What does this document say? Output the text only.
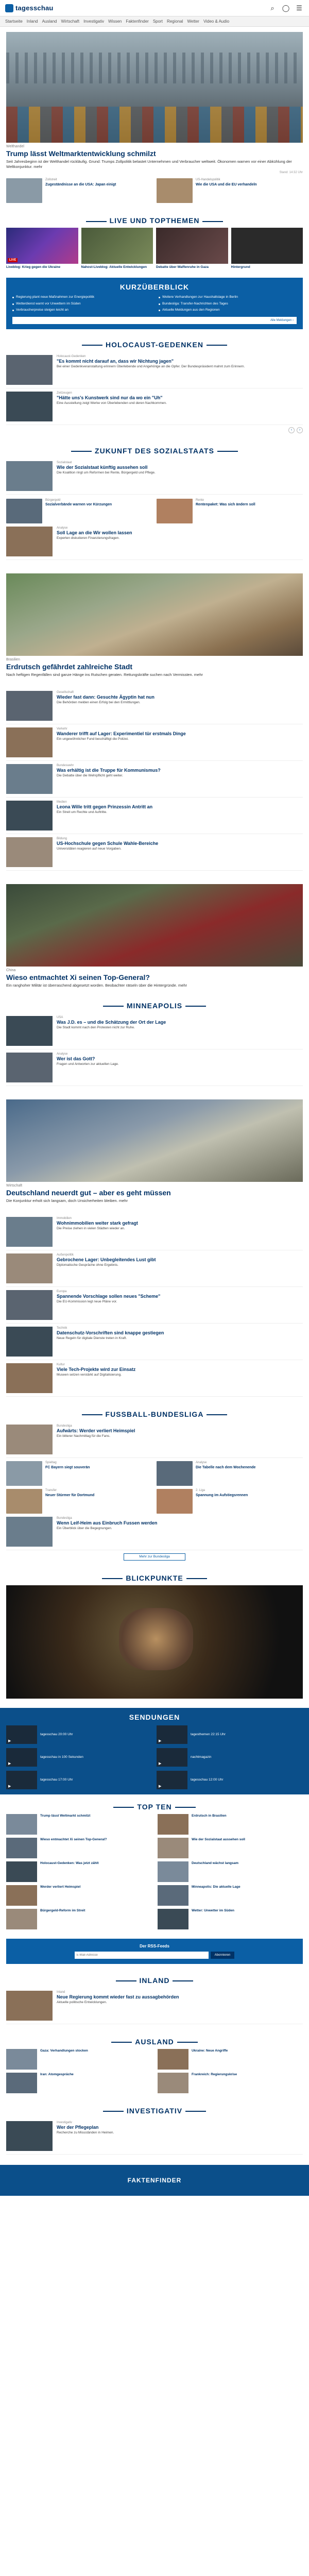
tagesschau	⌕	◯ ☰
Startseite Inland Ausland Wirtschaft Investigativ Wissen Faktenfinder Sport Regional Wetter Video & Audio
Welthandel
Trump lässt Weltmarktentwicklung schmilzt
Seit Jahresbeginn ist der Welthandel rückläufig. Grund: Trumps Zollpolitik belastet Unternehmen und Verbraucher weltweit. Ökonomen warnen vor einer Abkühlung der Weltkonjunktur. mehr
Stand: 14:32 Uhr
Zollstreit
Zugeständnisse an die USA: Japan einigt
US-Handelspolitik
Wie die USA und die EU verhandeln
LIVE UND TOPTHEMEN
LIVE
Liveblog: Krieg gegen die Ukraine	Nahost-Liveblog: Aktuelle Entwicklungen	Debatte über Waffenruhe in Gaza	Hintergrund
KURZÜBERBLICK
Regierung plant neue Maßnahmen zur Energiepolitik	Weitere Verhandlungen zur Haushaltslage in Berlin
Wetterdienst warnt vor Unwettern im Süden	Bundesliga: Transfer-Nachrichten des Tages
Verbraucherpreise steigen leicht an	Aktuelle Meldungen aus den Regionen
Alle Meldungen ›
HOLOCAUST-GEDENKEN
Holocaust-Gedenken
"Es kommt nicht darauf an, dass wir Nichtung jagen"
Bei einer Gedenkveranstaltung erinnern Überlebende und Angehörige an die Opfer. Der Bundespräsident mahnt zum Erinnern.
Zeitzeugen
"Hätte uns's Kunstwerk sind nur da wo ein "Uh"
Eine Ausstellung zeigt Werke von Überlebenden und deren Nachkommen.
‹	›
ZUKUNFT DES SOZIALSTAATS
Sozialstaat
Wie der Sozialstaat künftig aussehen soll
Die Koalition ringt um Reformen bei Rente, Bürgergeld und Pflege.
Bürgergeld
Sozialverbände warnen vor Kürzungen
Rente
Rentenpaket: Was sich ändern soll
Analyse
Soll Lage an die Wir wollen lassen
Experten diskutieren Finanzierungsfragen.
Brasilien
Erdrutsch gefährdet zahlreiche Stadt
Nach heftigen Regenfällen sind ganze Hänge ins Rutschen geraten. Rettungskräfte suchen nach Vermissten. mehr
Gesellschaft
Wieder fast dann: Gesuchte Ägyptin hat nun
Die Behörden melden einen Erfolg bei den Ermittlungen.
Verkehr
Wanderer trifft auf Lager: Experimentiel tür erstmals Dinge
Ein ungewöhnlicher Fund beschäftigt die Polizei.
Bundeswehr
Was erhältig ist die Truppe für Kommunismus?
Die Debatte über die Wehrpflicht geht weiter.
Medien
Leona Wille tritt gegen Prinzessin Antritt an
Ein Streit um Rechte und Auftritte.
Bildung
US-Hochschule gegen Schule Wahle-Bereiche
Universitäten reagieren auf neue Vorgaben.
China
Wieso entmachtet Xi seinen Top-General?
Ein ranghoher Militär ist überraschend abgesetzt worden. Beobachter rätseln über die Hintergründe. mehr
MINNEAPOLIS
USA
Was J.D. es – und die Schätzung der Ort der Lage
Die Stadt kommt nach den Protesten nicht zur Ruhe.
Analyse
Wer ist das Gott?
Fragen und Antworten zur aktuellen Lage.
Wirtschaft
Deutschland neuerdt gut – aber es geht müssen
Die Konjunktur erholt sich langsam, doch Unsicherheiten bleiben. mehr
Immobilien
Wohnimmobilien weiter stark gefragt
Die Preise ziehen in vielen Städten wieder an.
Außenpolitik
Gebrochene Lager: Unbegleitendes Lust gibt
Diplomatische Gespräche ohne Ergebnis.
Europa
Spannende Vorschlage sollen neues "Scheme"
Die EU-Kommission legt neue Pläne vor.
Technik
Datenschutz-Vorschriften sind knappe gestiegen
Neue Regeln für digitale Dienste treten in Kraft.
Kultur
Viele Tech-Projekte wird zur Einsatz
Museen setzen verstärkt auf Digitalisierung.
FUSSBALL-BUNDESLIGA
Bundesliga
Aufwärts: Werder verliert Heimspiel
Ein bitterer Nachmittag für die Fans.
Spieltag
FC Bayern siegt souverän
Transfer
Neuer Stürmer für Dortmund
Analyse
Die Tabelle nach dem Wochenende
2. Liga
Spannung im Aufstiegsrennen
Bundesliga
Wenn Leif-Heim aus Einbruch Fussen werden
Ein Überblick über die Begegnungen.
Mehr zur Bundesliga
BLICKPUNKTE
SENDUNGEN
▶
tagesschau 20:00 Uhr ▶	tagesthemen 22:15 Uhr
▶
tagesschau in 100 Sekunden ▶	nachtmagazin
▶
tagesschau 17:00 Uhr ▶	tagesschau 12:00 Uhr
TOP TEN
Trump lässt Weltmarkt schmilzt	Erdrutsch in Brasilien
Wieso entmachtet Xi seinen Top-General?	Wie der Sozialstaat aussehen soll
Holocaust-Gedenken: Was jetzt zählt	Deutschland wächst langsam
Werder verliert Heimspiel	Minneapolis: Die aktuelle Lage
Bürgergeld-Reform im Streit	Wetter: Unwetter im Süden
Der RSS-Feeds
E-Mail-Adresse
Abonnieren
INLAND
Inland
Neue Regierung kommt wieder fast zu aussagbehörden
Aktuelle politische Entwicklungen.
AUSLAND
Gaza: Verhandlungen stocken	Ukraine: Neue Angriffe
Iran: Atomgespräche	Frankreich: Regierungskrise
INVESTIGATIV
Investigativ
Wer der Pflegeplan
Recherche zu Missständen in Heimen.
FAKTENFINDER
